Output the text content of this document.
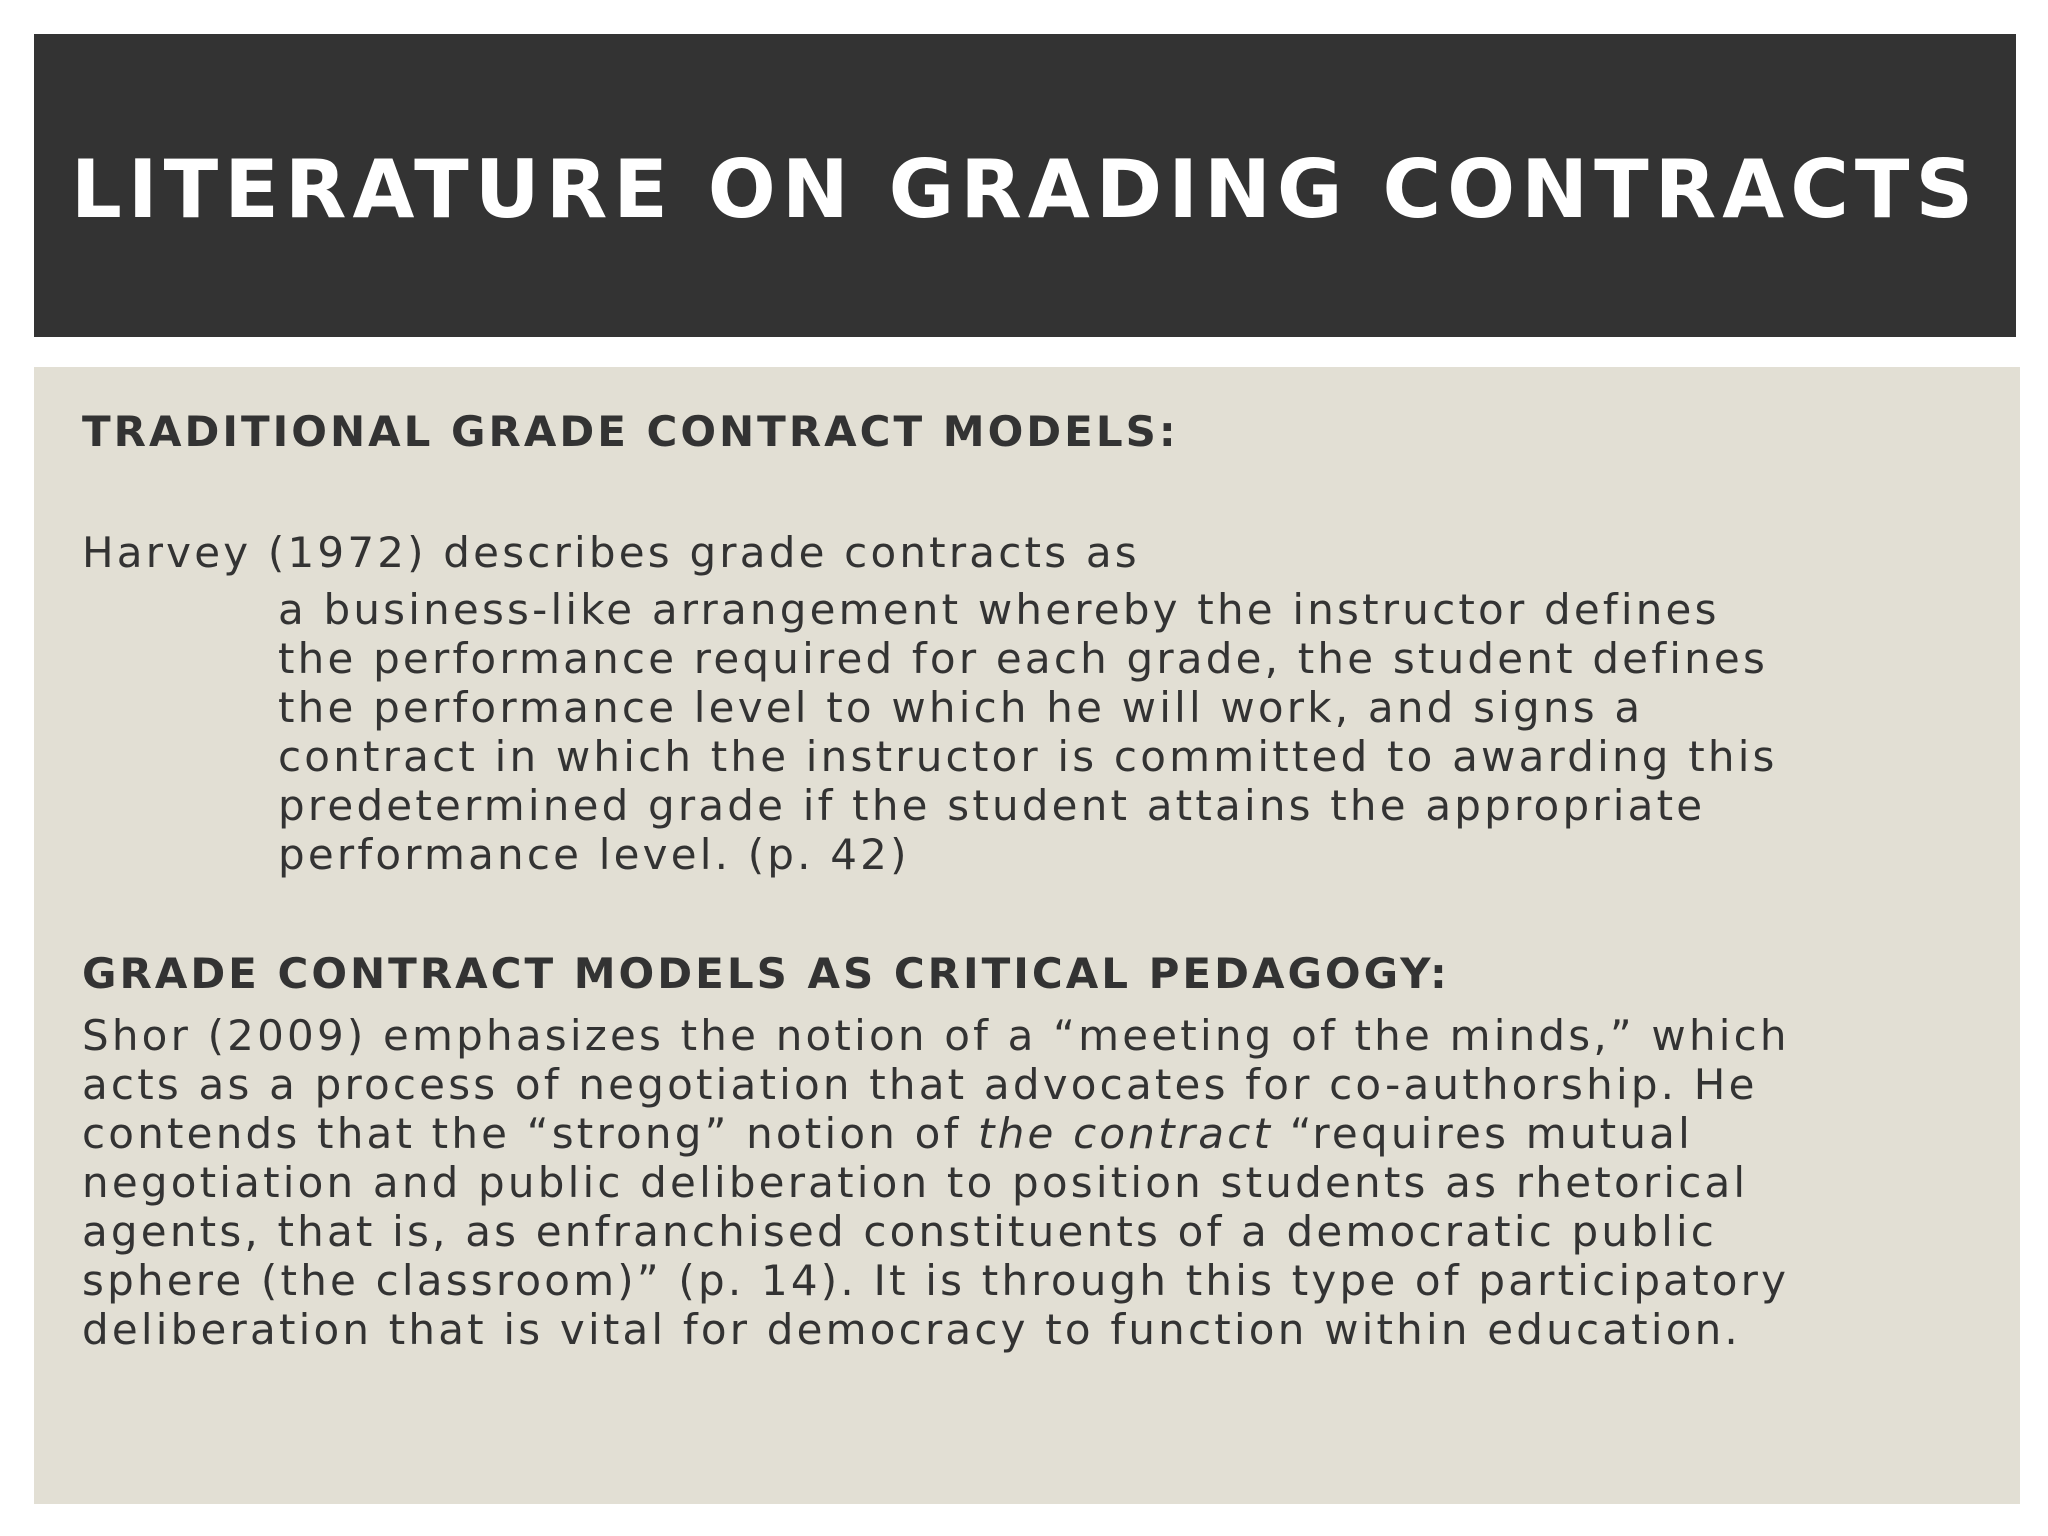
LITERATURE ON GRADING CONTRACTS
TRADITIONAL GRADE CONTRACT MODELS:

Harvey (1972) describes grade contracts as

a business-like arrangement whereby the instructor defines
the performance required for each grade, the student defines
the performance level to which he will work, and signs a
contract in which the instructor is committed to awarding this
predetermined grade if the student attains the appropriate
performance level. (p. 42)
GRADE CONTRACT MODELS AS CRITICAL PEDAGOGY:

Shor (2009) emphasizes the notion of a “meeting of the minds,” which
acts as a process of negotiation that advocates for co-authorship. He
contends that the “strong” notion of the contract “requires mutual
negotiation and public deliberation to position students as rhetorical
agents, that is, as enfranchised constituents of a democratic public
sphere (the classroom)” (p. 14). It is through this type of participatory
deliberation that is vital for democracy to function within education.
